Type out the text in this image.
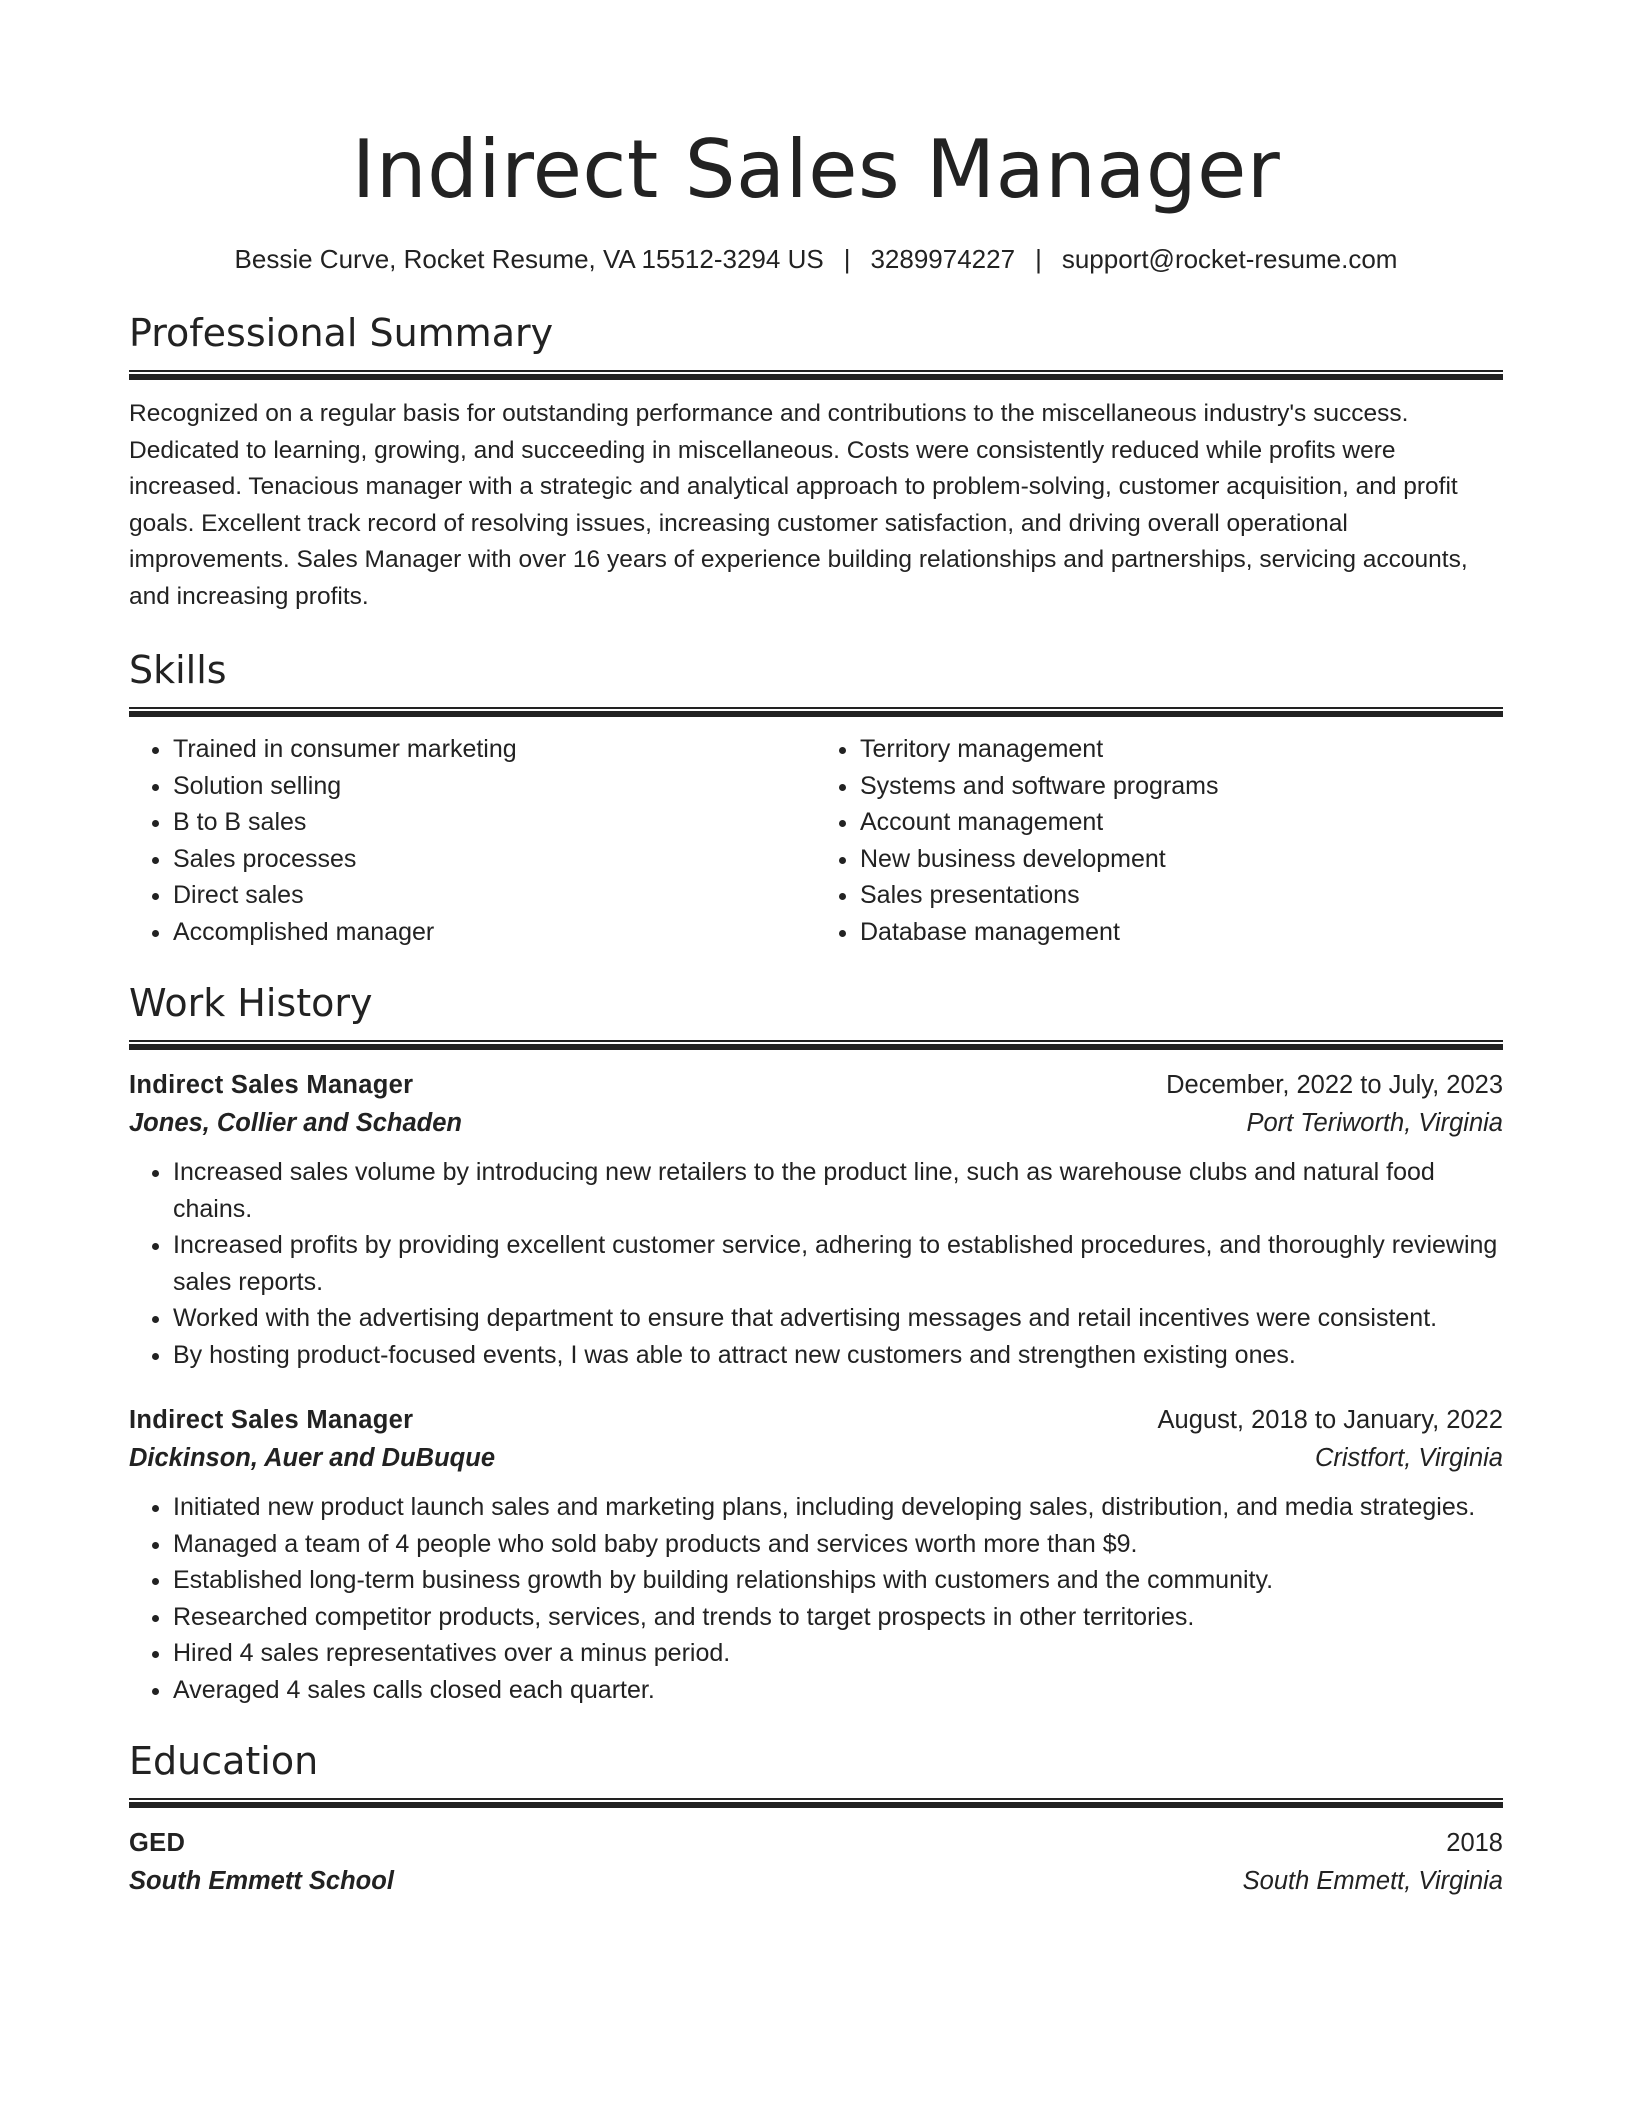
Indirect Sales Manager
Bessie Curve, Rocket Resume, VA 15512-3294 US | 3289974227 | support@rocket-resume.com
Professional Summary

Recognized on a regular basis for outstanding performance and contributions to the miscellaneous industry's success. Dedicated to learning, growing, and succeeding in miscellaneous. Costs were consistently reduced while profits were increased. Tenacious manager with a strategic and analytical approach to problem-solving, customer acquisition, and profit goals. Excellent track record of resolving issues, increasing customer satisfaction, and driving overall operational improvements. Sales Manager with over 16 years of experience building relationships and partnerships, servicing accounts, and increasing profits.

Skills
• Trained in consumer marketing
• Solution selling
• B to B sales
• Sales processes
• Direct sales
• Accomplished manager
• Territory management
• Systems and software programs
• Account management
• New business development
• Sales presentations
• Database management
Work History
Indirect Sales Manager	December, 2022 to July, 2023
Jones, Collier and Schaden	Port Teriworth, Virginia
• Increased sales volume by introducing new retailers to the product line, such as warehouse clubs and natural food chains.
• Increased profits by providing excellent customer service, adhering to established procedures, and thoroughly reviewing sales reports.
• Worked with the advertising department to ensure that advertising messages and retail incentives were consistent.
• By hosting product-focused events, I was able to attract new customers and strengthen existing ones.
Indirect Sales Manager	August, 2018 to January, 2022
Dickinson, Auer and DuBuque	Cristfort, Virginia
• Initiated new product launch sales and marketing plans, including developing sales, distribution, and media strategies.
• Managed a team of 4 people who sold baby products and services worth more than $9.
• Established long-term business growth by building relationships with customers and the community.
• Researched competitor products, services, and trends to target prospects in other territories.
• Hired 4 sales representatives over a minus period.
• Averaged 4 sales calls closed each quarter.
Education
GED	2018
South Emmett School	South Emmett, Virginia
